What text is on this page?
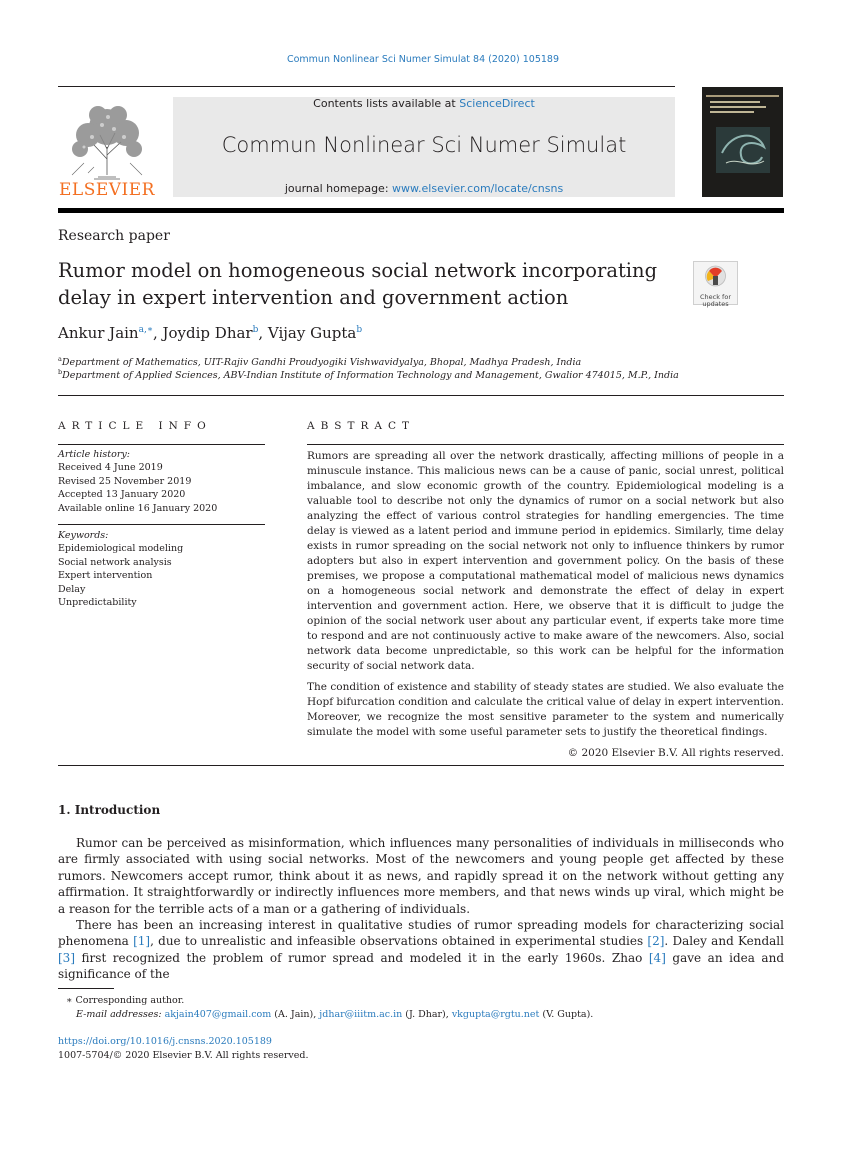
Commun Nonlinear Sci Numer Simulat 84 (2020) 105189
ELSEVIER
Contents lists available at ScienceDirect
Commun Nonlinear Sci Numer Simulat
journal homepage: www.elsevier.com/locate/cnsns
Research paper
Rumor model on homogeneous social network incorporating
delay in expert intervention and government action	Check for updates
Ankur Jain$^{a,∗}$, Joydip Dhar$^b$, Vijay Gupta$^b$
$^a$Department of Mathematics, UIT-Rajiv Gandhi Proudyogiki Vishwavidyalya, Bhopal, Madhya Pradesh, India
$^b$Department of Applied Sciences, ABV-Indian Institute of Information Technology and Management, Gwalior 474015, M.P., India
ARTICLE INFO
Article history:
Received 4 June 2019
Revised 25 November 2019
Accepted 13 January 2020
Available online 16 January 2020
Keywords:
Epidemiological modeling
Social network analysis
Expert intervention
Delay
Unpredictability
ABSTRACT

Rumors are spreading all over the network drastically, affecting millions of people in a minuscule instance. This malicious news can be a cause of panic, social unrest, political imbalance, and slow economic growth of the country. Epidemiological modeling is a valuable tool to describe not only the dynamics of rumor on a social network but also analyzing the effect of various control strategies for handling emergencies. The time delay is viewed as a latent period and immune period in epidemics. Similarly, time delay exists in rumor spreading on the social network not only to influence thinkers by rumor adopters but also in expert intervention and government policy. On the basis of these premises, we propose a computational mathematical model of malicious news dynamics on a homogeneous social network and demonstrate the effect of delay in expert intervention and government action. Here, we observe that it is difficult to judge the opinion of the social network user about any particular event, if experts take more time to respond and are not continuously active to make aware of the newcomers. Also, social network data become unpredictable, so this work can be helpful for the information security of social network data.

The condition of existence and stability of steady states are studied. We also evaluate the Hopf bifurcation condition and calculate the critical value of delay in expert intervention. Moreover, we recognize the most sensitive parameter to the system and numerically simulate the model with some useful parameter sets to justify the theoretical findings.

© 2020 Elsevier B.V. All rights reserved.
1. Introduction

Rumor can be perceived as misinformation, which influences many personalities of individuals in milliseconds who are firmly associated with using social networks. Most of the newcomers and young people get affected by these rumors. Newcomers accept rumor, think about it as news, and rapidly spread it on the network without getting any affirmation. It straightforwardly or indirectly influences more members, and that news winds up viral, which might be a reason for the terrible acts of a man or a gathering of individuals.

There has been an increasing interest in qualitative studies of rumor spreading models for characterizing social phenomena [1], due to unrealistic and infeasible observations obtained in experimental studies [2]. Daley and Kendall [3] first recognized the problem of rumor spread and modeled it in the early 1960s. Zhao [4] gave an idea and significance of the

∗ Corresponding author.
E-mail addresses: akjain407@gmail.com (A. Jain), jdhar@iiitm.ac.in (J. Dhar), vkgupta@rgtu.net (V. Gupta).
https://doi.org/10.1016/j.cnsns.2020.105189
1007-5704/© 2020 Elsevier B.V. All rights reserved.
